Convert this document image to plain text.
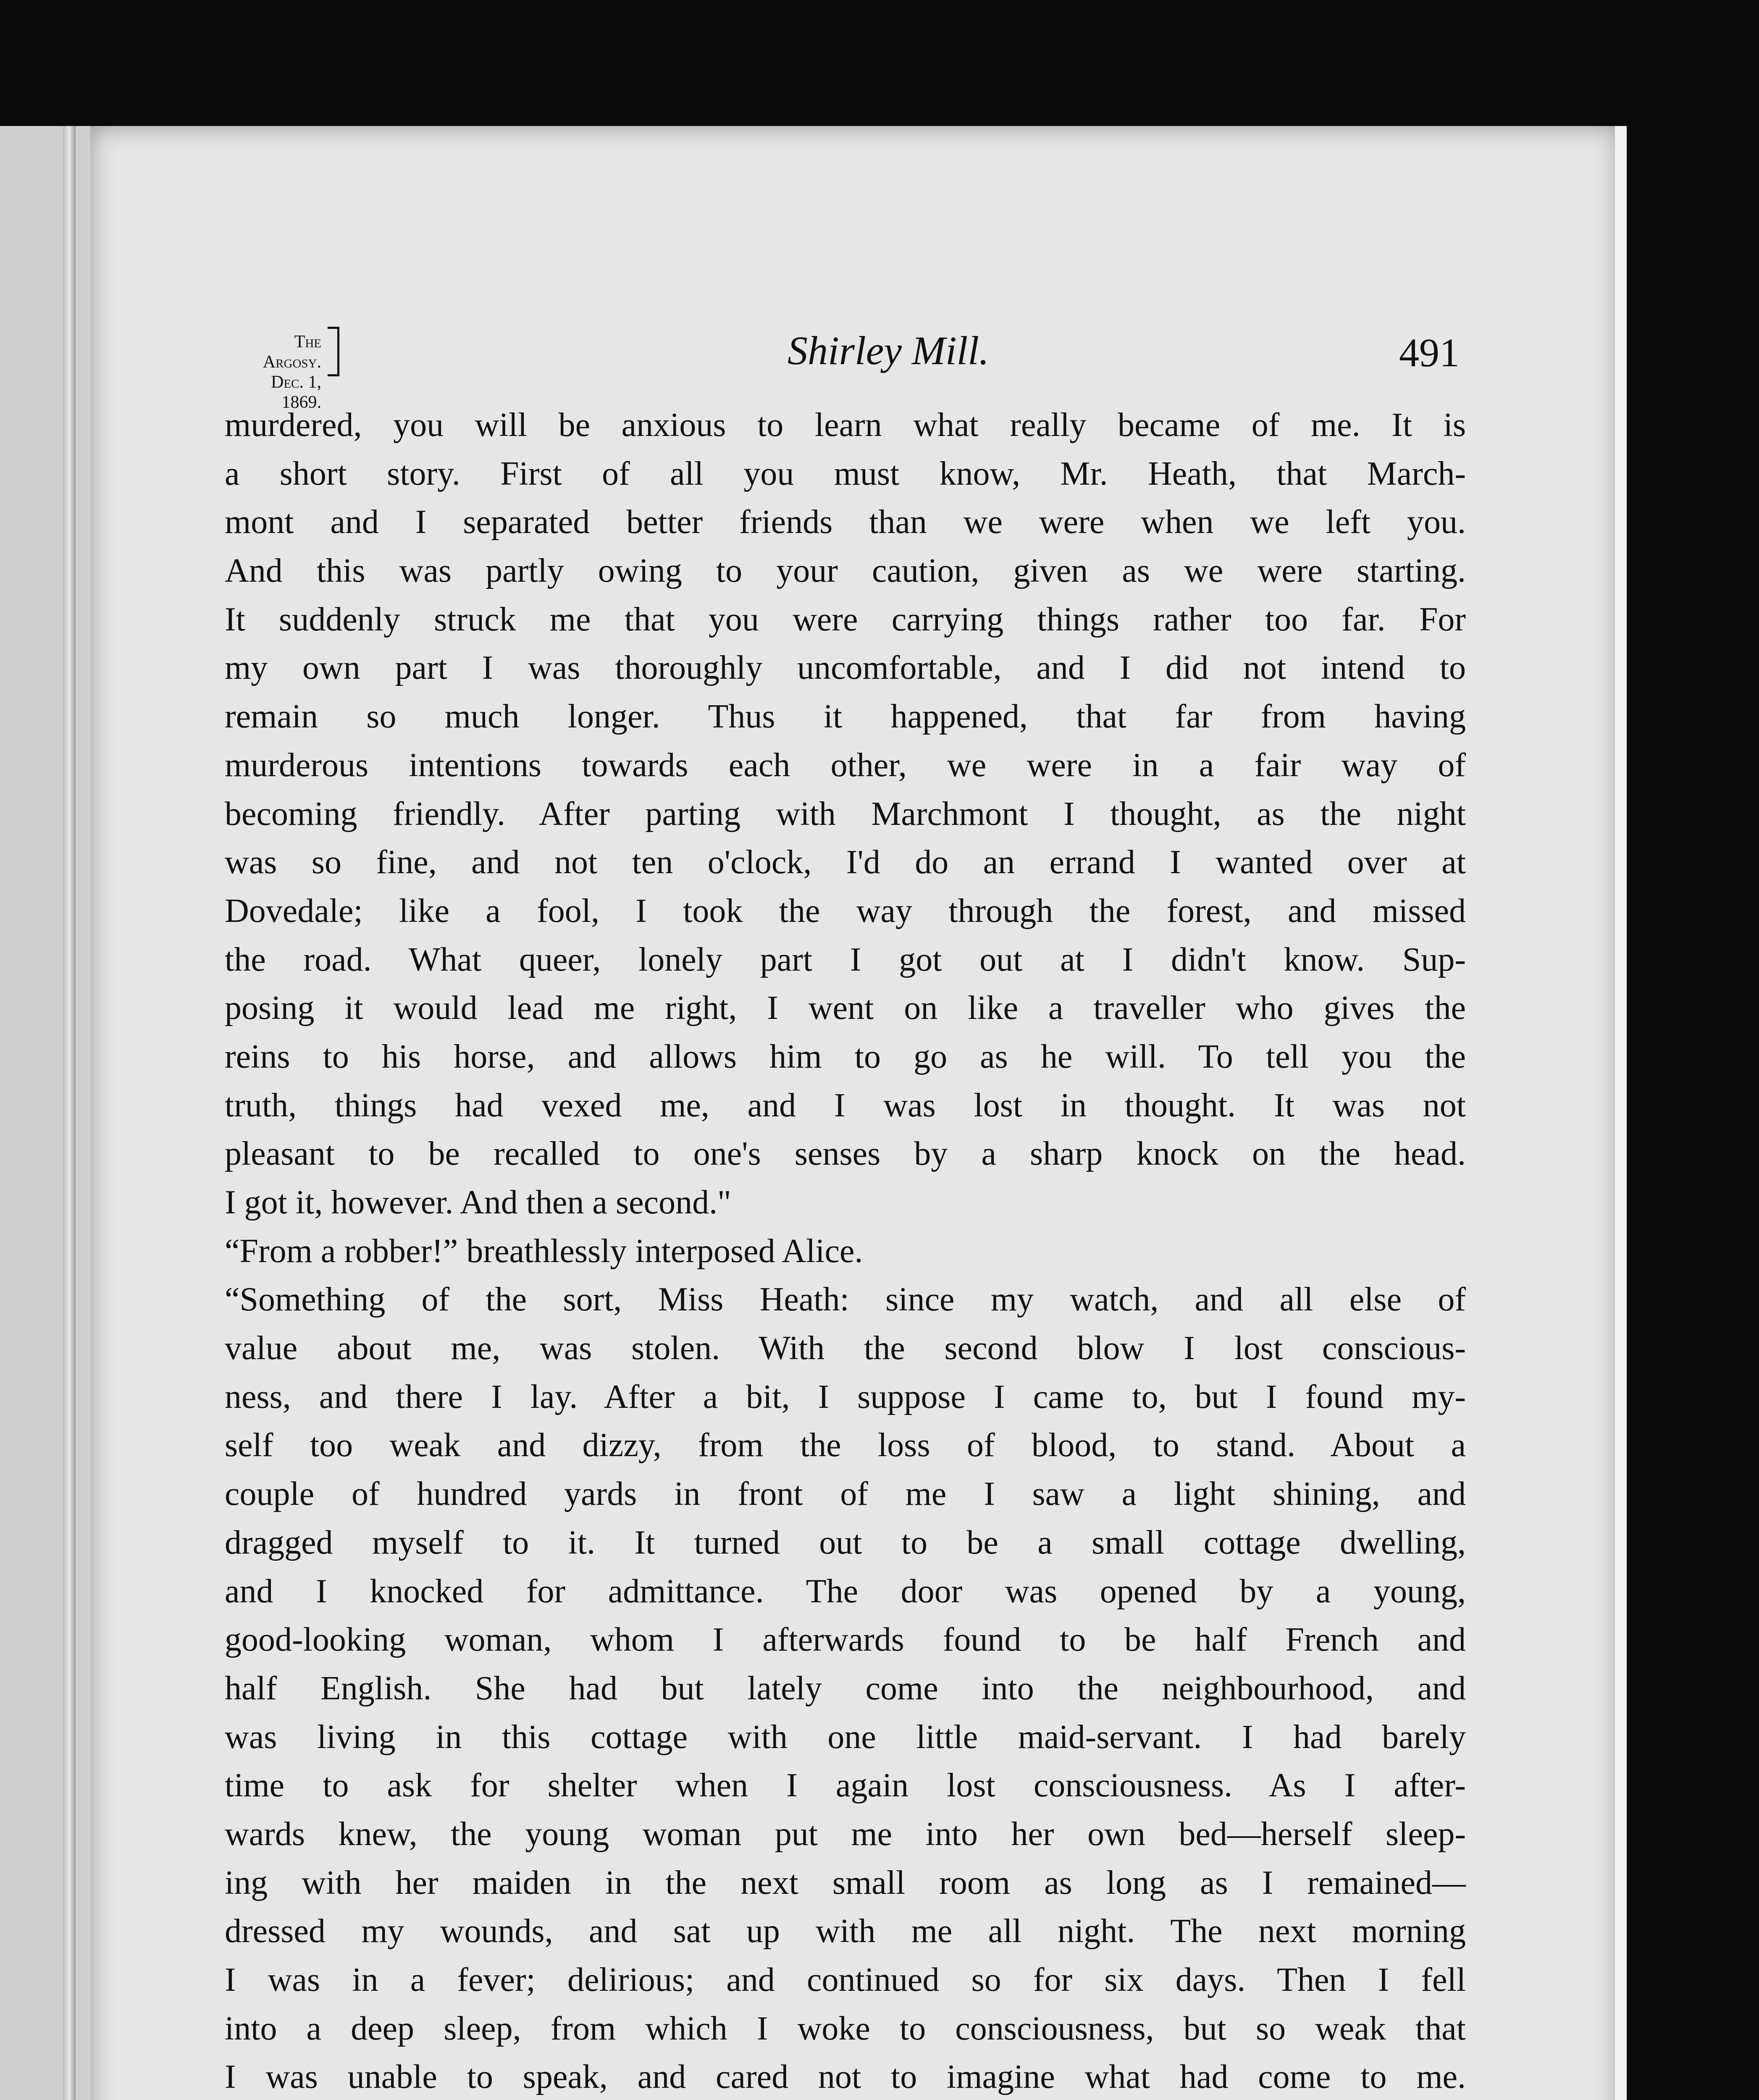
The Argosy.
Dec. 1, 1869.
Shirley Mill.	491
murdered, you will be anxious to learn what really became of me. It is
a short story. First of all you must know, Mr. Heath, that March-
mont and I separated better friends than we were when we left you.
And this was partly owing to your caution, given as we were starting.
It suddenly struck me that you were carrying things rather too far. For
my own part I was thoroughly uncomfortable, and I did not intend to
remain so much longer. Thus it happened, that far from having
murderous intentions towards each other, we were in a fair way of
becoming friendly. After parting with Marchmont I thought, as the night
was so fine, and not ten o'clock, I'd do an errand I wanted over at
Dovedale; like a fool, I took the way through the forest, and missed
the road. What queer, lonely part I got out at I didn't know. Sup-
posing it would lead me right, I went on like a traveller who gives the
reins to his horse, and allows him to go as he will. To tell you the
truth, things had vexed me, and I was lost in thought. It was not
pleasant to be recalled to one's senses by a sharp knock on the head.
I got it, however. And then a second."
“From a robber!” breathlessly interposed Alice.
“Something of the sort, Miss Heath: since my watch, and all else of
value about me, was stolen. With the second blow I lost conscious-
ness, and there I lay. After a bit, I suppose I came to, but I found my-
self too weak and dizzy, from the loss of blood, to stand. About a
couple of hundred yards in front of me I saw a light shining, and
dragged myself to it. It turned out to be a small cottage dwelling,
and I knocked for admittance. The door was opened by a young,
good-looking woman, whom I afterwards found to be half French and
half English. She had but lately come into the neighbourhood, and
was living in this cottage with one little maid-servant. I had barely
time to ask for shelter when I again lost consciousness. As I after-
wards knew, the young woman put me into her own bed—herself sleep-
ing with her maiden in the next small room as long as I remained—
dressed my wounds, and sat up with me all night. The next morning
I was in a fever; delirious; and continued so for six days. Then I fell
into a deep sleep, from which I woke to consciousness, but so weak that
I was unable to speak, and cared not to imagine what had come to me.
